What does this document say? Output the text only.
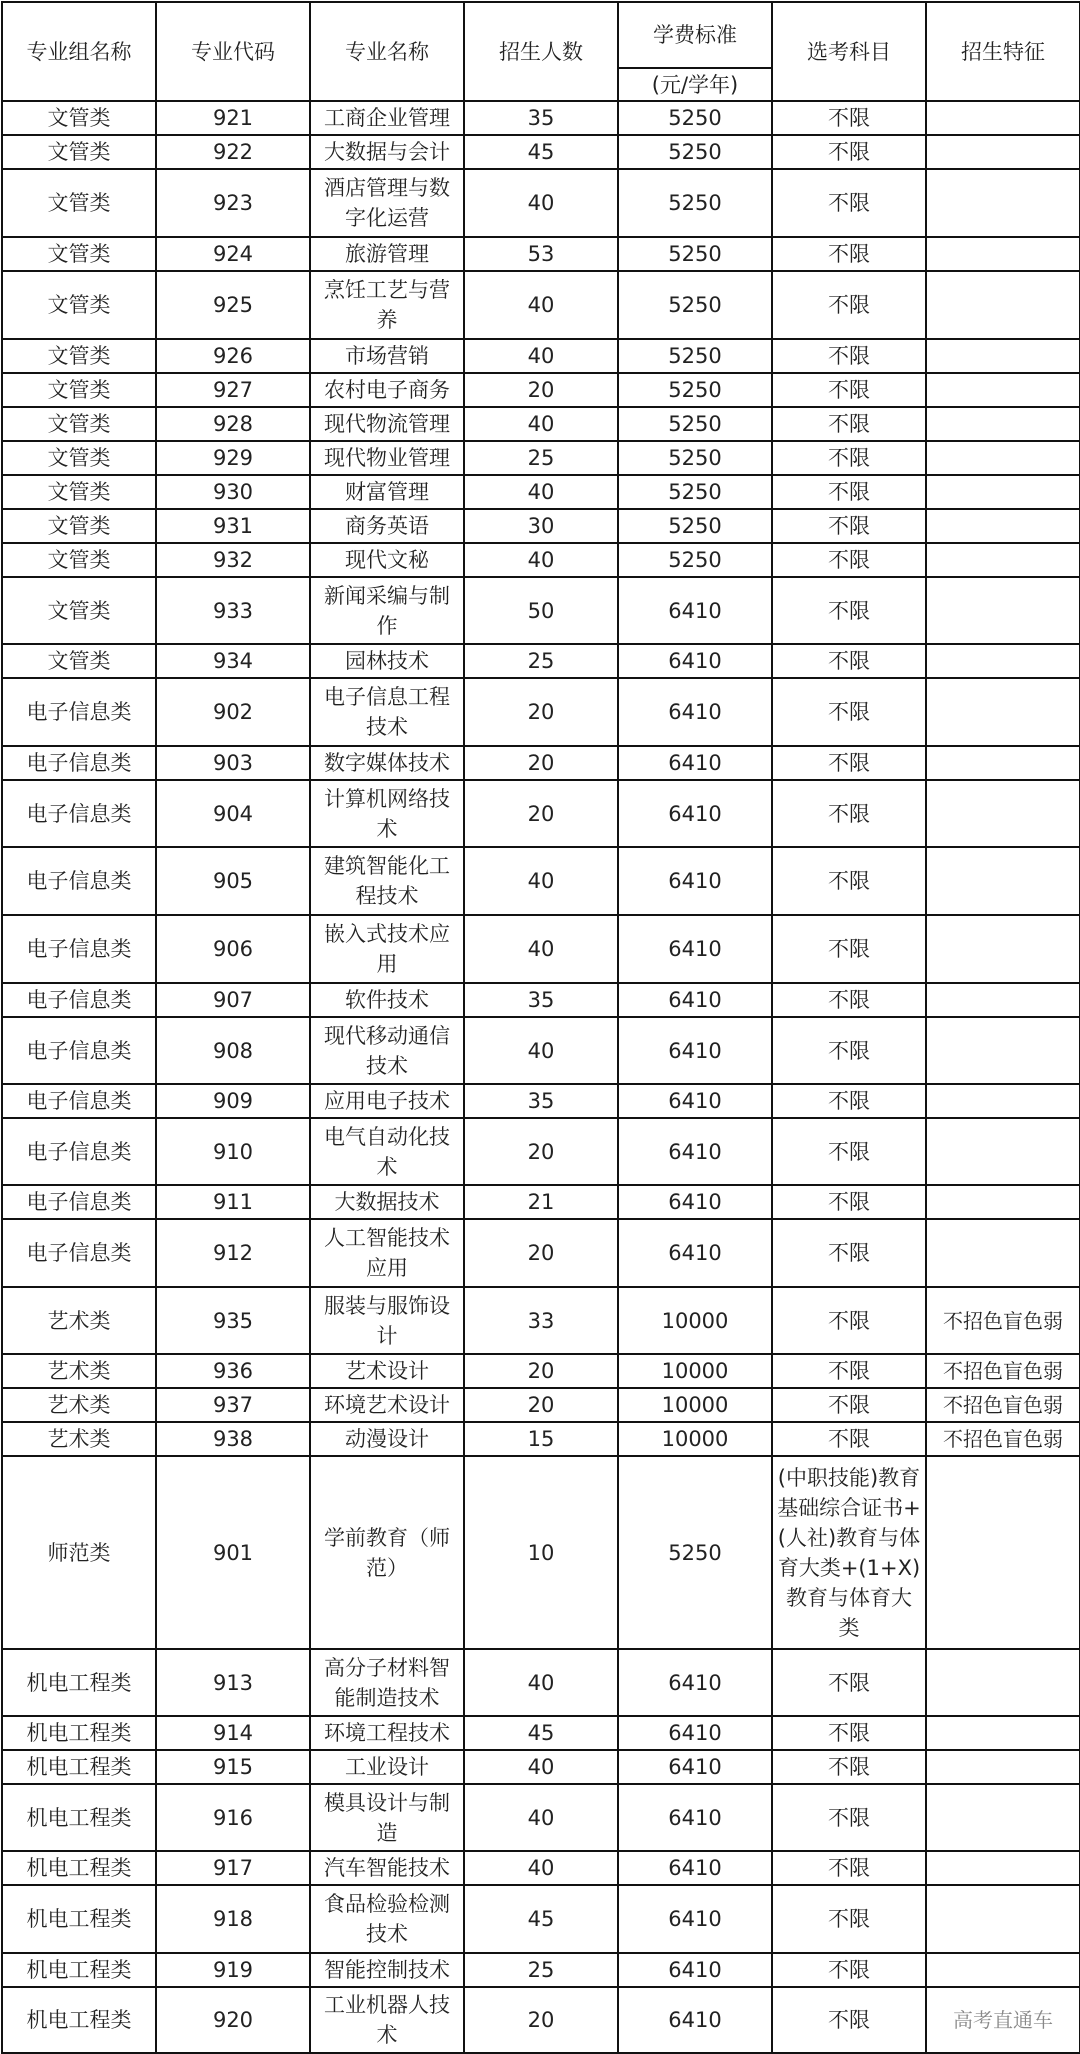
专业组名称	专业代码	专业名称	招生人数	学费标准	选考科目	招生特征
				(元/学年)		
文管类	921	工商企业管理	35	5250	不限	
文管类	922	大数据与会计	45	5250	不限	
文管类	923	酒店管理与数字化运营	40	5250	不限	
文管类	924	旅游管理	53	5250	不限	
文管类	925	烹饪工艺与营养	40	5250	不限	
文管类	926	市场营销	40	5250	不限	
文管类	927	农村电子商务	20	5250	不限	
文管类	928	现代物流管理	40	5250	不限	
文管类	929	现代物业管理	25	5250	不限	
文管类	930	财富管理	40	5250	不限	
文管类	931	商务英语	30	5250	不限	
文管类	932	现代文秘	40	5250	不限	
文管类	933	新闻采编与制作	50	6410	不限	
文管类	934	园林技术	25	6410	不限	
电子信息类	902	电子信息工程技术	20	6410	不限	
电子信息类	903	数字媒体技术	20	6410	不限	
电子信息类	904	计算机网络技术	20	6410	不限	
电子信息类	905	建筑智能化工程技术	40	6410	不限	
电子信息类	906	嵌入式技术应用	40	6410	不限	
电子信息类	907	软件技术	35	6410	不限	
电子信息类	908	现代移动通信技术	40	6410	不限	
电子信息类	909	应用电子技术	35	6410	不限	
电子信息类	910	电气自动化技术	20	6410	不限	
电子信息类	911	大数据技术	21	6410	不限	
电子信息类	912	人工智能技术应用	20	6410	不限	
艺术类	935	服装与服饰设计	33	10000	不限	不招色盲色弱
艺术类	936	艺术设计	20	10000	不限	不招色盲色弱
艺术类	937	环境艺术设计	20	10000	不限	不招色盲色弱
艺术类	938	动漫设计	15	10000	不限	不招色盲色弱
师范类	901	学前教育（师范）	10	5250	(中职技能)教育基础综合证书+(人社)教育与体育大类+(1+X)教育与体育大类	
机电工程类	913	高分子材料智能制造技术	40	6410	不限	
机电工程类	914	环境工程技术	45	6410	不限	
机电工程类	915	工业设计	40	6410	不限	
机电工程类	916	模具设计与制造	40	6410	不限	
机电工程类	917	汽车智能技术	40	6410	不限	
机电工程类	918	食品检验检测技术	45	6410	不限	
机电工程类	919	智能控制技术	25	6410	不限	
机电工程类	920	工业机器人技术	20	6410	不限	高考直通车
